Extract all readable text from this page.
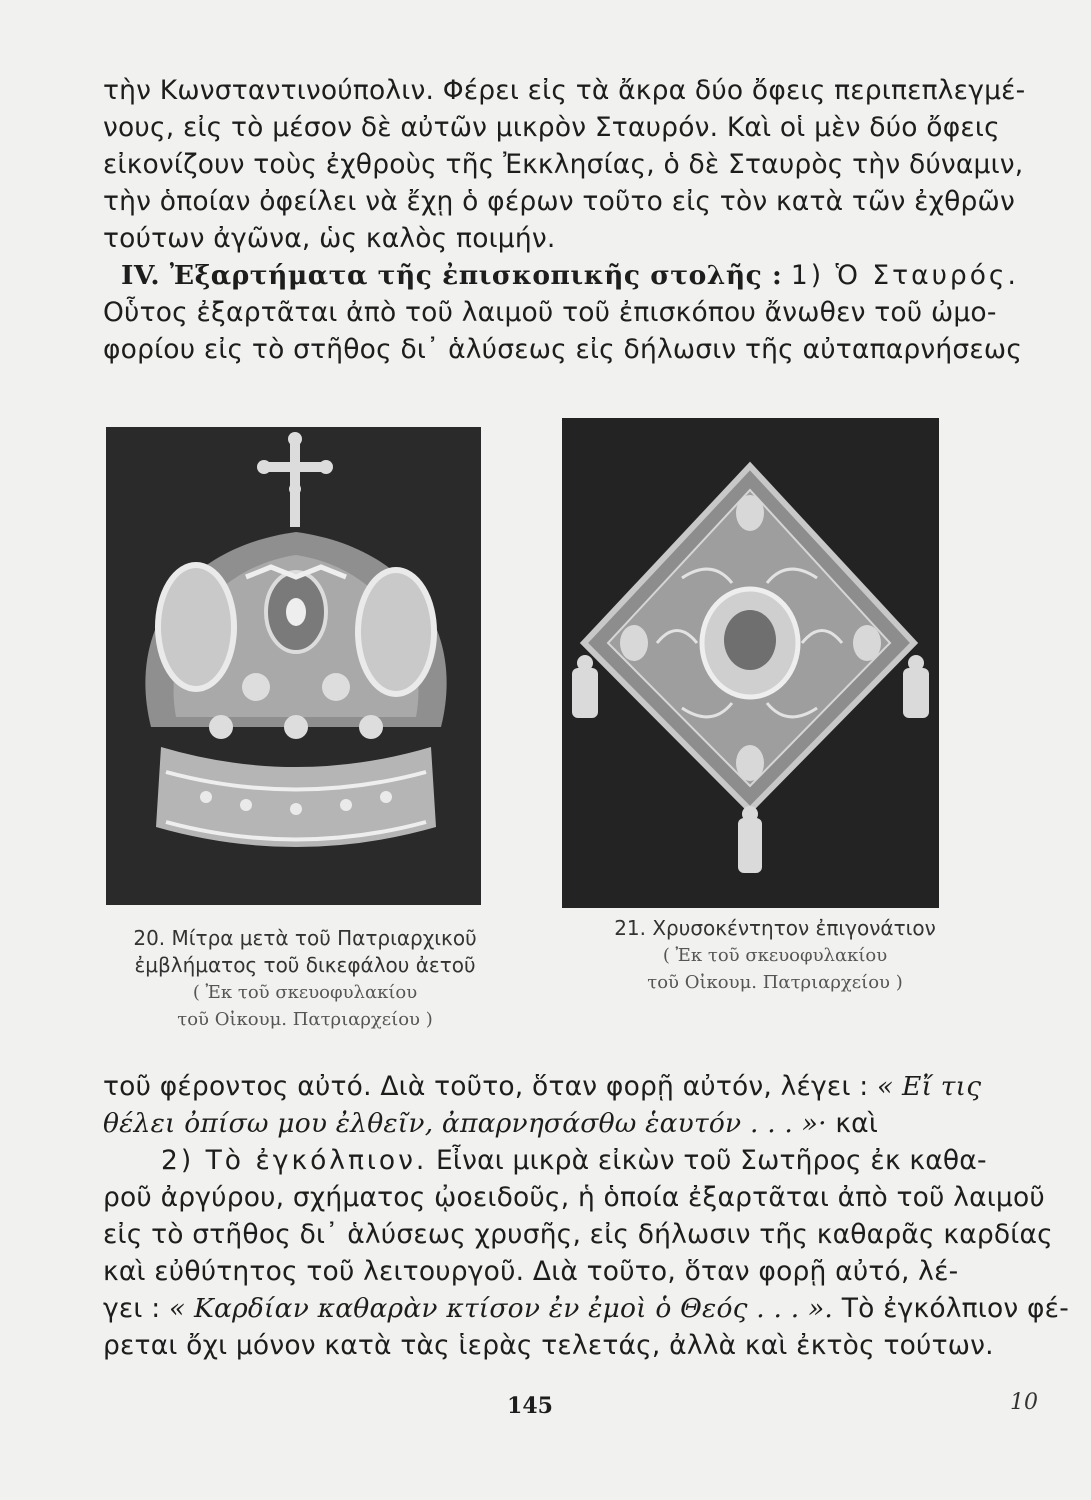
τὴν Κωνσταντινούπολιν. Φέρει εἰς τὰ ἄκρα δύο ὄφεις περιπεπλεγμέ-
νους, εἰς τὸ μέσον δὲ αὐτῶν μικρὸν Σταυρόν. Καὶ οἱ μὲν δύο ὄφεις
εἰκονίζουν τοὺς ἐχθροὺς τῆς Ἐκκλησίας, ὁ δὲ Σταυρὸς τὴν δύναμιν,
τὴν ὁποίαν ὀφείλει νὰ ἔχῃ ὁ φέρων τοῦτο εἰς τὸν κατὰ τῶν ἐχθρῶν
τούτων ἀγῶνα, ὡς καλὸς ποιμήν.
IV. Ἐξαρτήματα τῆς ἐπισκοπικῆς στολῆς : 1) Ὁ Σταυρός.
Οὗτος ἐξαρτᾶται ἀπὸ τοῦ λαιμοῦ τοῦ ἐπισκόπου ἄνωθεν τοῦ ὠμο-
φορίου εἰς τὸ στῆθος δι᾽ ἁλύσεως εἰς δήλωσιν τῆς αὐταπαρνήσεως
20. Μίτρα μετὰ τοῦ Πατριαρχικοῦ
ἐμβλήματος τοῦ δικεφάλου ἀετοῦ
( Ἐκ τοῦ σκευοφυλακίου
τοῦ Οἰκουμ. Πατριαρχείου )
21. Χρυσοκέντητον ἐπιγονάτιον
( Ἐκ τοῦ σκευοφυλακίου
τοῦ Οἰκουμ. Πατριαρχείου )
τοῦ φέροντος αὐτό. Διὰ τοῦτο, ὅταν φορῇ αὐτόν, λέγει : « Εἴ τις
θέλει ὀπίσω μου ἐλθεῖν, ἀπαρνησάσθω ἑαυτόν . . . »· καὶ
2) Τὸ ἐγκόλπιον. Εἶναι μικρὰ εἰκὼν τοῦ Σωτῆρος ἐκ καθα-
ροῦ ἀργύρου, σχήματος ᾠοειδοῦς, ἡ ὁποία ἐξαρτᾶται ἀπὸ τοῦ λαιμοῦ
εἰς τὸ στῆθος δι᾽ ἁλύσεως χρυσῆς, εἰς δήλωσιν τῆς καθαρᾶς καρδίας
καὶ εὐθύτητος τοῦ λειτουργοῦ. Διὰ τοῦτο, ὅταν φορῇ αὐτό, λέ-
γει : « Καρδίαν καθαρὰν κτίσον ἐν ἐμοὶ ὁ Θεός . . . ». Τὸ ἐγκόλπιον φέ-
ρεται ὄχι μόνον κατὰ τὰς ἱερὰς τελετάς, ἀλλὰ καὶ ἐκτὸς τούτων.
145	10
